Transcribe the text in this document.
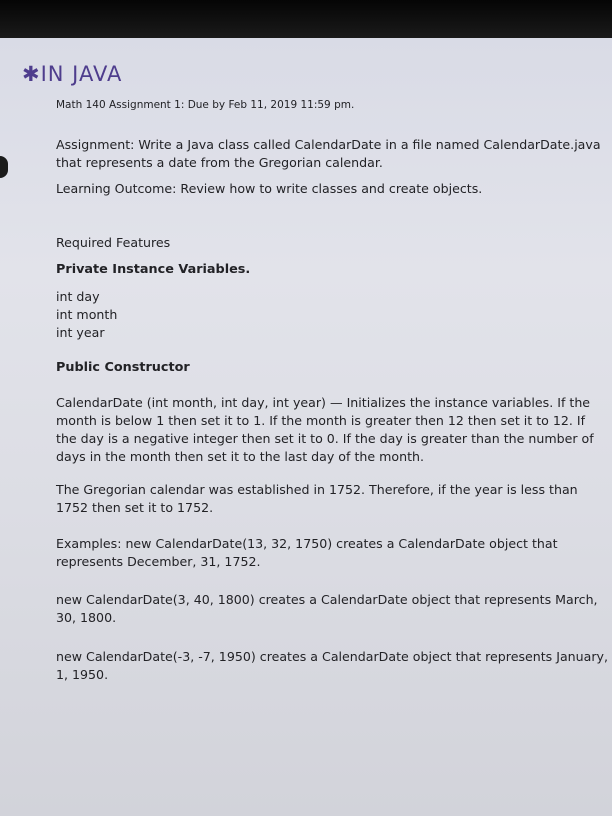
✱IN JAVA
Math 140 Assignment 1: Due by Feb 11, 2019 11:59 pm.
Assignment: Write a Java class called CalendarDate in a file named CalendarDate.java
that represents a date from the Gregorian calendar.
Learning Outcome: Review how to write classes and create objects.
Required Features
Private Instance Variables.
int day
int month
int year
Public Constructor
CalendarDate (int month, int day, int year) — Initializes the instance variables. If the
month is below 1 then set it to 1. If the month is greater then 12 then set it to 12. If
the day is a negative integer then set it to 0. If the day is greater than the number of
days in the month then set it to the last day of the month.
The Gregorian calendar was established in 1752. Therefore, if the year is less than
1752 then set it to 1752.
Examples: new CalendarDate(13, 32, 1750) creates a CalendarDate object that
represents December, 31, 1752.
new CalendarDate(3, 40, 1800) creates a CalendarDate object that represents March,
30, 1800.
new CalendarDate(-3, -7, 1950) creates a CalendarDate object that represents January,
1, 1950.
